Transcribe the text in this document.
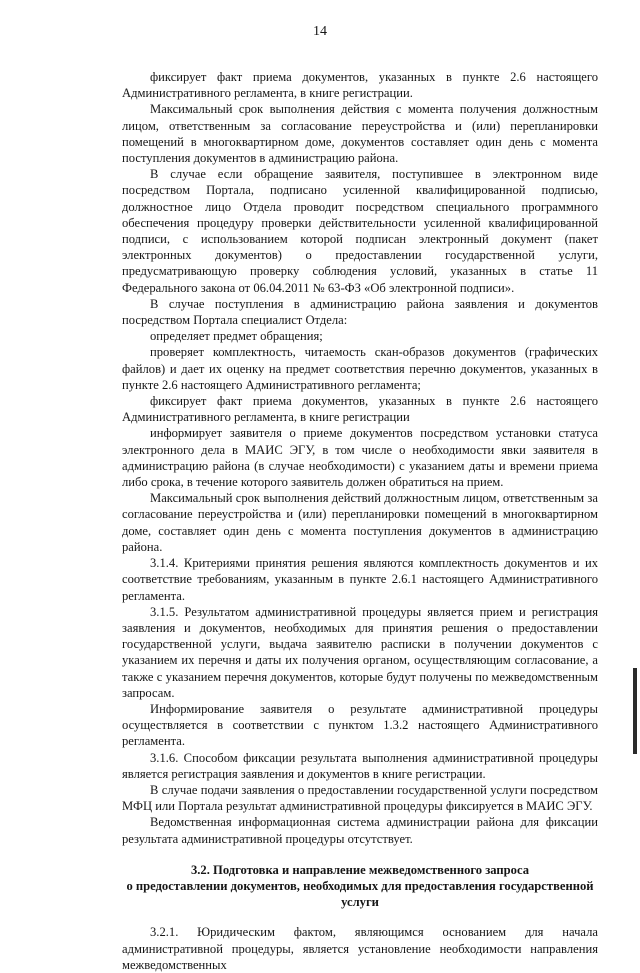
14

фиксирует факт приема документов, указанных в пункте 2.6 настоящего Административного регламента, в книге регистрации.

Максимальный срок выполнения действия с момента получения должностным лицом, ответственным за согласование переустройства и (или) перепланировки помещений в многоквартирном доме, документов составляет один день с момента поступления документов в администрацию района.

В случае если обращение заявителя, поступившее в электронном виде посредством Портала, подписано усиленной квалифицированной подписью, должностное лицо Отдела проводит посредством специального программного обеспечения процедуру проверки действительности усиленной квалифицированной подписи, с использованием которой подписан электронный документ (пакет электронных документов) о предоставлении государственной услуги, предусматривающую проверку соблюдения условий, указанных в статье 11 Федерального закона от 06.04.2011 № 63-ФЗ «Об электронной подписи».

В случае поступления в администрацию района заявления и документов посредством Портала специалист Отдела:

определяет предмет обращения;

проверяет комплектность, читаемость скан-образов документов (графических файлов) и дает их оценку на предмет соответствия перечню документов, указанных в пункте 2.6 настоящего Административного регламента;

фиксирует факт приема документов, указанных в пункте 2.6 настоящего Административного регламента, в книге регистрации

информирует заявителя о приеме документов посредством установки статуса электронного дела в МАИС ЭГУ, в том числе о необходимости явки заявителя в администрацию района (в случае необходимости) с указанием даты и времени приема либо срока, в течение которого заявитель должен обратиться на прием.

Максимальный срок выполнения действий должностным лицом, ответственным за согласование переустройства и (или) перепланировки помещений в многоквартирном доме, составляет один день с момента поступления документов в администрацию района.

3.1.4. Критериями принятия решения являются комплектность документов и их соответствие требованиям, указанным в пункте 2.6.1 настоящего Административного регламента.

3.1.5. Результатом административной процедуры является прием и регистрация заявления и документов, необходимых для принятия решения о предоставлении государственной услуги, выдача заявителю расписки в получении документов с указанием их перечня и даты их получения органом, осуществляющим согласование, а также с указанием перечня документов, которые будут получены по межведомственным запросам.

Информирование заявителя о результате административной процедуры осуществляется в соответствии с пунктом 1.3.2 настоящего Административного регламента.

3.1.6. Способом фиксации результата выполнения административной процедуры является регистрация заявления и документов в книге регистрации.

В случае подачи заявления о предоставлении государственной услуги посредством МФЦ или Портала результат административной процедуры фиксируется в МАИС ЭГУ.

Ведомственная информационная система администрации района для фиксации результата административной процедуры отсутствует.

3.2. Подготовка и направление межведомственного запроса
о предоставлении документов, необходимых для предоставления государственной
услуги

3.2.1. Юридическим фактом, являющимся основанием для начала административной процедуры, является установление необходимости направления межведомственных
